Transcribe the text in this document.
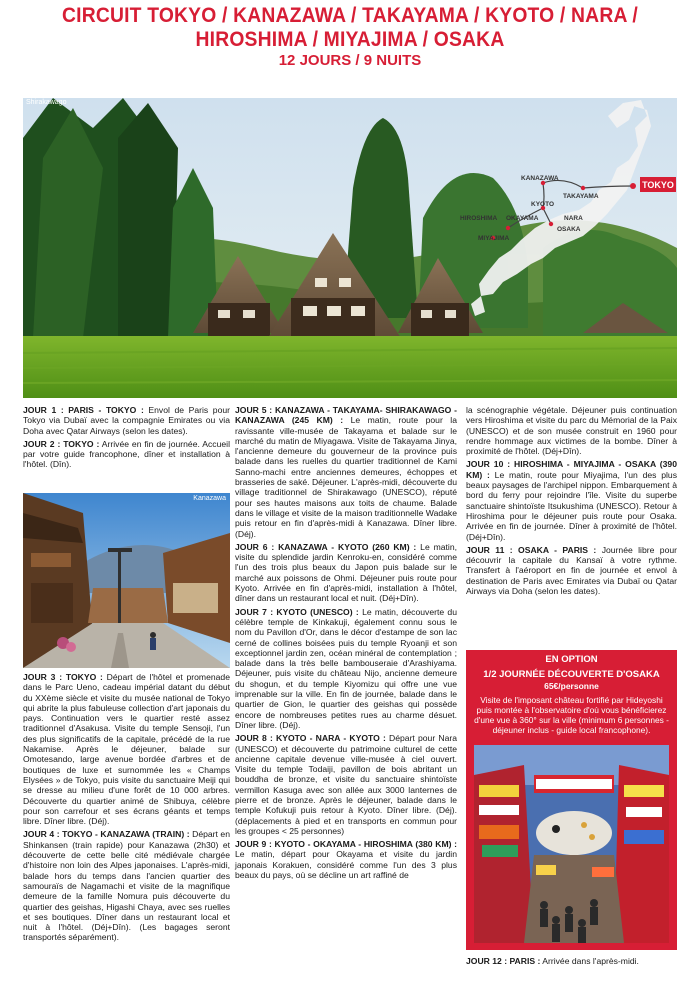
CIRCUIT TOKYO / KANAZAWA / TAKAYAMA / KYOTO / NARA /
HIROSHIMA / MIYAJIMA / OSAKA
12 JOURS / 9 NUITS
TOKYO
KANAZAWA
TAKAYAMA
KYOTO
HIROSHIMA OKAYAMA	NARA
OSAKA
MIYAJIMA
Shirakawago

JOUR 1 : PARIS - TOKYO : Envol de Paris pour Tokyo via Dubaï avec la compagnie Emirates ou via Doha avec Qatar Airways (selon les dates).

JOUR 2 : TOKYO : Arrivée en fin de journée. Accueil par votre guide francophone, dîner et installation à l'hôtel. (Dîn).

Kanazawa

JOUR 3 : TOKYO : Départ de l'hôtel et promenade dans le Parc Ueno, cadeau impérial datant du début du XXème siècle et visite du musée national de Tokyo qui abrite la plus fabuleuse collection d'art japonais du pays. Continuation vers le quartier resté assez traditionnel d'Asakusa. Visite du temple Sensoji, l'un des plus significatifs de la capitale, précédé de la rue Nakamise. Après le déjeuner, balade sur Omotesando, large avenue bordée d'arbres et de boutiques de luxe et surnommée les « Champs Elysées » de Tokyo, puis visite du sanctuaire Meiji qui se dresse au milieu d'une forêt de 10 000 arbres. Découverte du quartier animé de Shibuya, célèbre pour son carrefour et ses écrans géants et temps libre. Dîner libre. (Déj).

JOUR 4 : TOKYO - KANAZAWA (TRAIN) : Départ en Shinkansen (train rapide) pour Kanazawa (2h30) et découverte de cette belle cité médiévale chargée d'histoire non loin des Alpes japonaises. L'après-midi, balade hors du temps dans l'ancien quartier des samouraïs de Nagamachi et visite de la magnifique demeure de la famille Nomura puis découverte du quartier des geishas, Higashi Chaya, avec ses ruelles et ses boutiques. Dîner dans un restaurant local et nuit à l'hôtel. (Déj+Dîn). (Les bagages seront transportés séparément).

JOUR 5 : KANAZAWA - TAKAYAMA- SHIRAKAWAGO - KANAZAWA (245 KM) : Le matin, route pour la ravissante ville-musée de Takayama et balade sur le marché du matin de Miyagawa. Visite de Takayama Jinya, l'ancienne demeure du gouverneur de la province puis balade dans les ruelles du quartier traditionnel de Kami Sanno-machi entre anciennes demeures, échoppes et brasseries de saké. Déjeuner. L'après-midi, découverte du village traditionnel de Shirakawago (UNESCO), réputé pour ses hautes maisons aux toits de chaume. Balade dans le village et visite de la maison traditionnelle Wadake puis retour en fin d'après-midi à Kanazawa. Dîner libre. (Déj).

JOUR 6 : KANAZAWA - KYOTO (260 KM) : Le matin, visite du splendide jardin Kenroku-en, considéré comme l'un des trois plus beaux du Japon puis balade sur le marché aux poissons de Ohmi. Déjeuner puis route pour Kyoto. Arrivée en fin d'après-midi, installation à l'hôtel, dîner dans un restaurant local et nuit. (Déj+Dîn).

JOUR 7 : KYOTO (UNESCO) : Le matin, découverte du célèbre temple de Kinkakuji, également connu sous le nom du Pavillon d'Or, dans le décor d'estampe de son lac cerné de collines boisées puis du temple Ryoanji et son exceptionnel jardin zen, océan minéral de contemplation ; balade dans la très belle bambouseraie d'Arashiyama. Déjeuner, puis visite du château Nijo, ancienne demeure du shogun, et du temple Kiyomizu qui offre une vue imprenable sur la ville. En fin de journée, balade dans le quartier de Gion, le quartier des geishas qui possède encore de nombreuses petites rues au charme désuet. Dîner libre. (Déj).

JOUR 8 : KYOTO - NARA - KYOTO : Départ pour Nara (UNESCO) et découverte du patrimoine culturel de cette ancienne capitale devenue ville-musée à ciel ouvert. Visite du temple Todaiji, pavillon de bois abritant un bouddha de bronze, et visite du sanctuaire shintoïste vermillon Kasuga avec son allée aux 3000 lanternes de pierre et de bronze. Après le déjeuner, balade dans le temple Kofukuji puis retour à Kyoto. Dîner libre. (Déj). (déplacements à pied et en transports en commun pour les groupes < 25 personnes)

JOUR 9 : KYOTO - OKAYAMA - HIROSHIMA (380 KM) : Le matin, départ pour Okayama et visite du jardin japonais Korakuen, considéré comme l'un des 3 plus beaux du pays, où se décline un art raffiné de

la scénographie végétale. Déjeuner puis continuation vers Hiroshima et visite du parc du Mémorial de la Paix (UNESCO) et de son musée construit en 1960 pour rendre hommage aux victimes de la bombe. Dîner à proximité de l'hôtel. (Déj+Dîn).

JOUR 10 : HIROSHIMA - MIYAJIMA - OSAKA (390 KM) : Le matin, route pour Miyajima, l'un des plus beaux paysages de l'archipel nippon. Embarquement à bord du ferry pour rejoindre l'île. Visite du superbe sanctuaire shintoïste Itsukushima (UNESCO). Retour à Hiroshima pour le déjeuner puis route pour Osaka. Arrivée en fin de journée. Dîner à proximité de l'hôtel. (Déj+Dîn).

JOUR 11 : OSAKA - PARIS : Journée libre pour découvrir la capitale du Kansaï à votre rythme. Transfert à l'aéroport en fin de journée et envol à destination de Paris avec Emirates via Dubaï ou Qatar Airways via Doha (selon les dates).

EN OPTION
1/2 JOURNÉE DÉCOUVERTE D'OSAKA
65€/personne
Visite de l'imposant château fortifié par Hideyoshi puis montée à l'observatoire d'où vous bénéficierez d'une vue à 360° sur la ville (minimum 6 personnes - déjeuner inclus - guide local francophone).

JOUR 12 : PARIS : Arrivée dans l'après-midi.
